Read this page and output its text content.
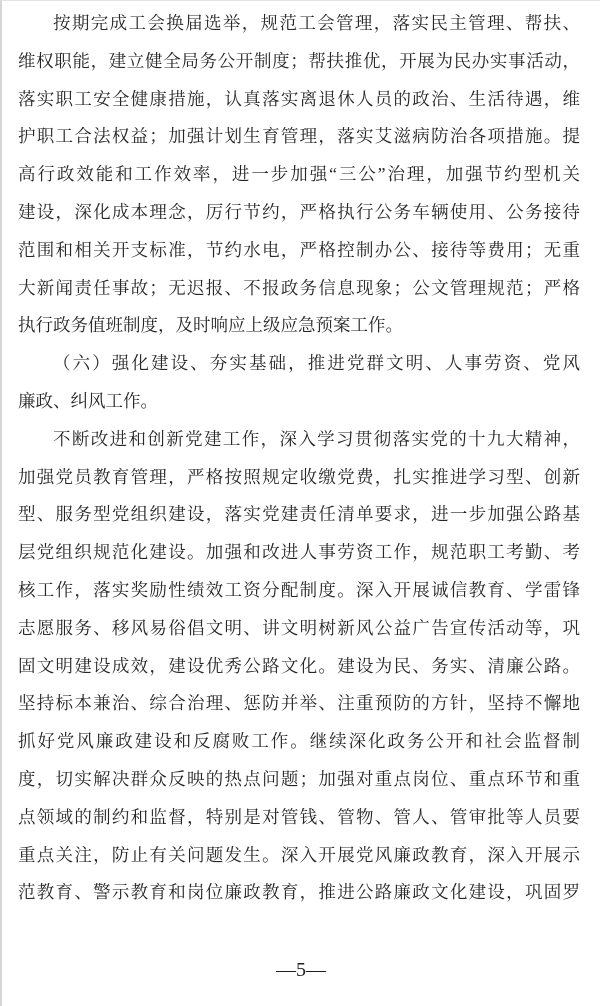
按期完成工会换届选举，规范工会管理，落实民主管理、帮扶、
维权职能，建立健全局务公开制度；帮扶推优，开展为民办实事活动，
落实职工安全健康措施，认真落实离退休人员的政治、生活待遇，维
护职工合法权益；加强计划生育管理，落实艾滋病防治各项措施。提
高行政效能和工作效率，进一步加强“三公”治理，加强节约型机关
建设，深化成本理念，厉行节约，严格执行公务车辆使用、公务接待
范围和相关开支标准，节约水电，严格控制办公、接待等费用；无重
大新闻责任事故；无迟报、不报政务信息现象；公文管理规范；严格
执行政务值班制度，及时响应上级应急预案工作。
（六）强化建设、夯实基础，推进党群文明、人事劳资、党风
廉政、纠风工作。
不断改进和创新党建工作，深入学习贯彻落实党的十九大精神，
加强党员教育管理，严格按照规定收缴党费，扎实推进学习型、创新
型、服务型党组织建设，落实党建责任清单要求，进一步加强公路基
层党组织规范化建设。加强和改进人事劳资工作，规范职工考勤、考
核工作，落实奖励性绩效工资分配制度。深入开展诚信教育、学雷锋
志愿服务、移风易俗倡文明、讲文明树新风公益广告宣传活动等，巩
固文明建设成效，建设优秀公路文化。建设为民、务实、清廉公路。
坚持标本兼治、综合治理、惩防并举、注重预防的方针，坚持不懈地
抓好党风廉政建设和反腐败工作。继续深化政务公开和社会监督制
度，切实解决群众反映的热点问题；加强对重点岗位、重点环节和重
点领域的制约和监督，特别是对管钱、管物、管人、管审批等人员要
重点关注，防止有关问题发生。深入开展党风廉政教育，深入开展示
范教育、警示教育和岗位廉政教育，推进公路廉政文化建设，巩固罗
—5—
